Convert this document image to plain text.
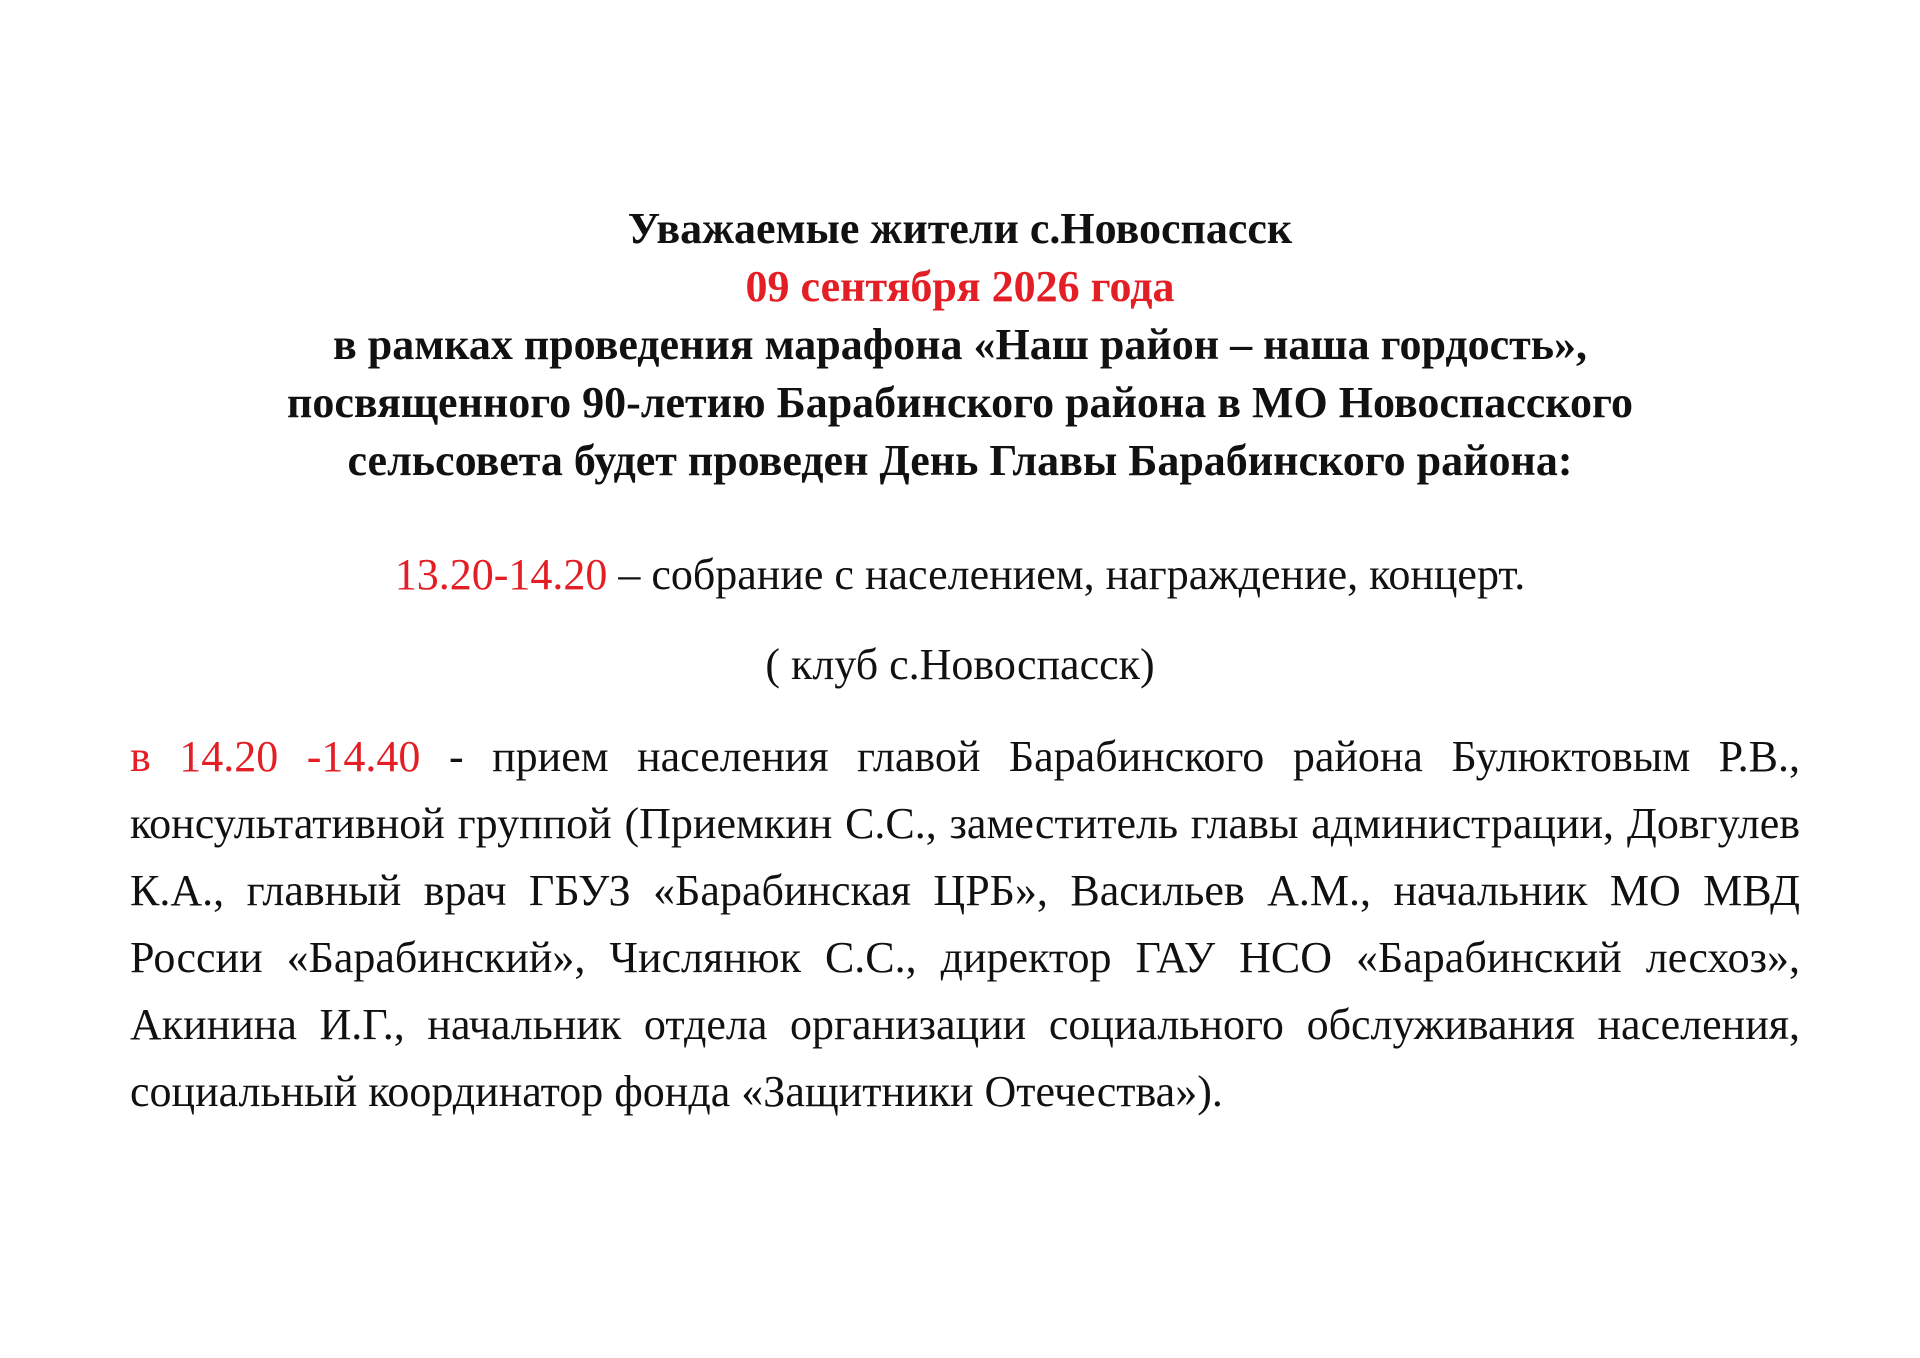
Уважаемые жители с.Новоспасск
09 сентября 2026 года
в рамках проведения марафона «Наш район – наша гордость»,
посвященного 90-летию Барабинского района в МО Новоспасского
сельсовета будет проведен День Главы Барабинского района:
13.20-14.20 – собрание с населением, награждение, концерт.
( клуб с.Новоспасск)
в 14.20 -14.40 - прием населения главой Барабинского района Булюктовым Р.В., консультативной группой (Приемкин С.С., заместитель главы администрации, Довгулев К.А., главный врач ГБУЗ «Барабинская ЦРБ», Васильев А.М., начальник МО МВД России «Барабинский», Числянюк С.С., директор ГАУ НСО «Барабинский лесхоз», Акинина И.Г., начальник отдела организации социального обслуживания населения, социальный координатор фонда «Защитники Отечества»).
